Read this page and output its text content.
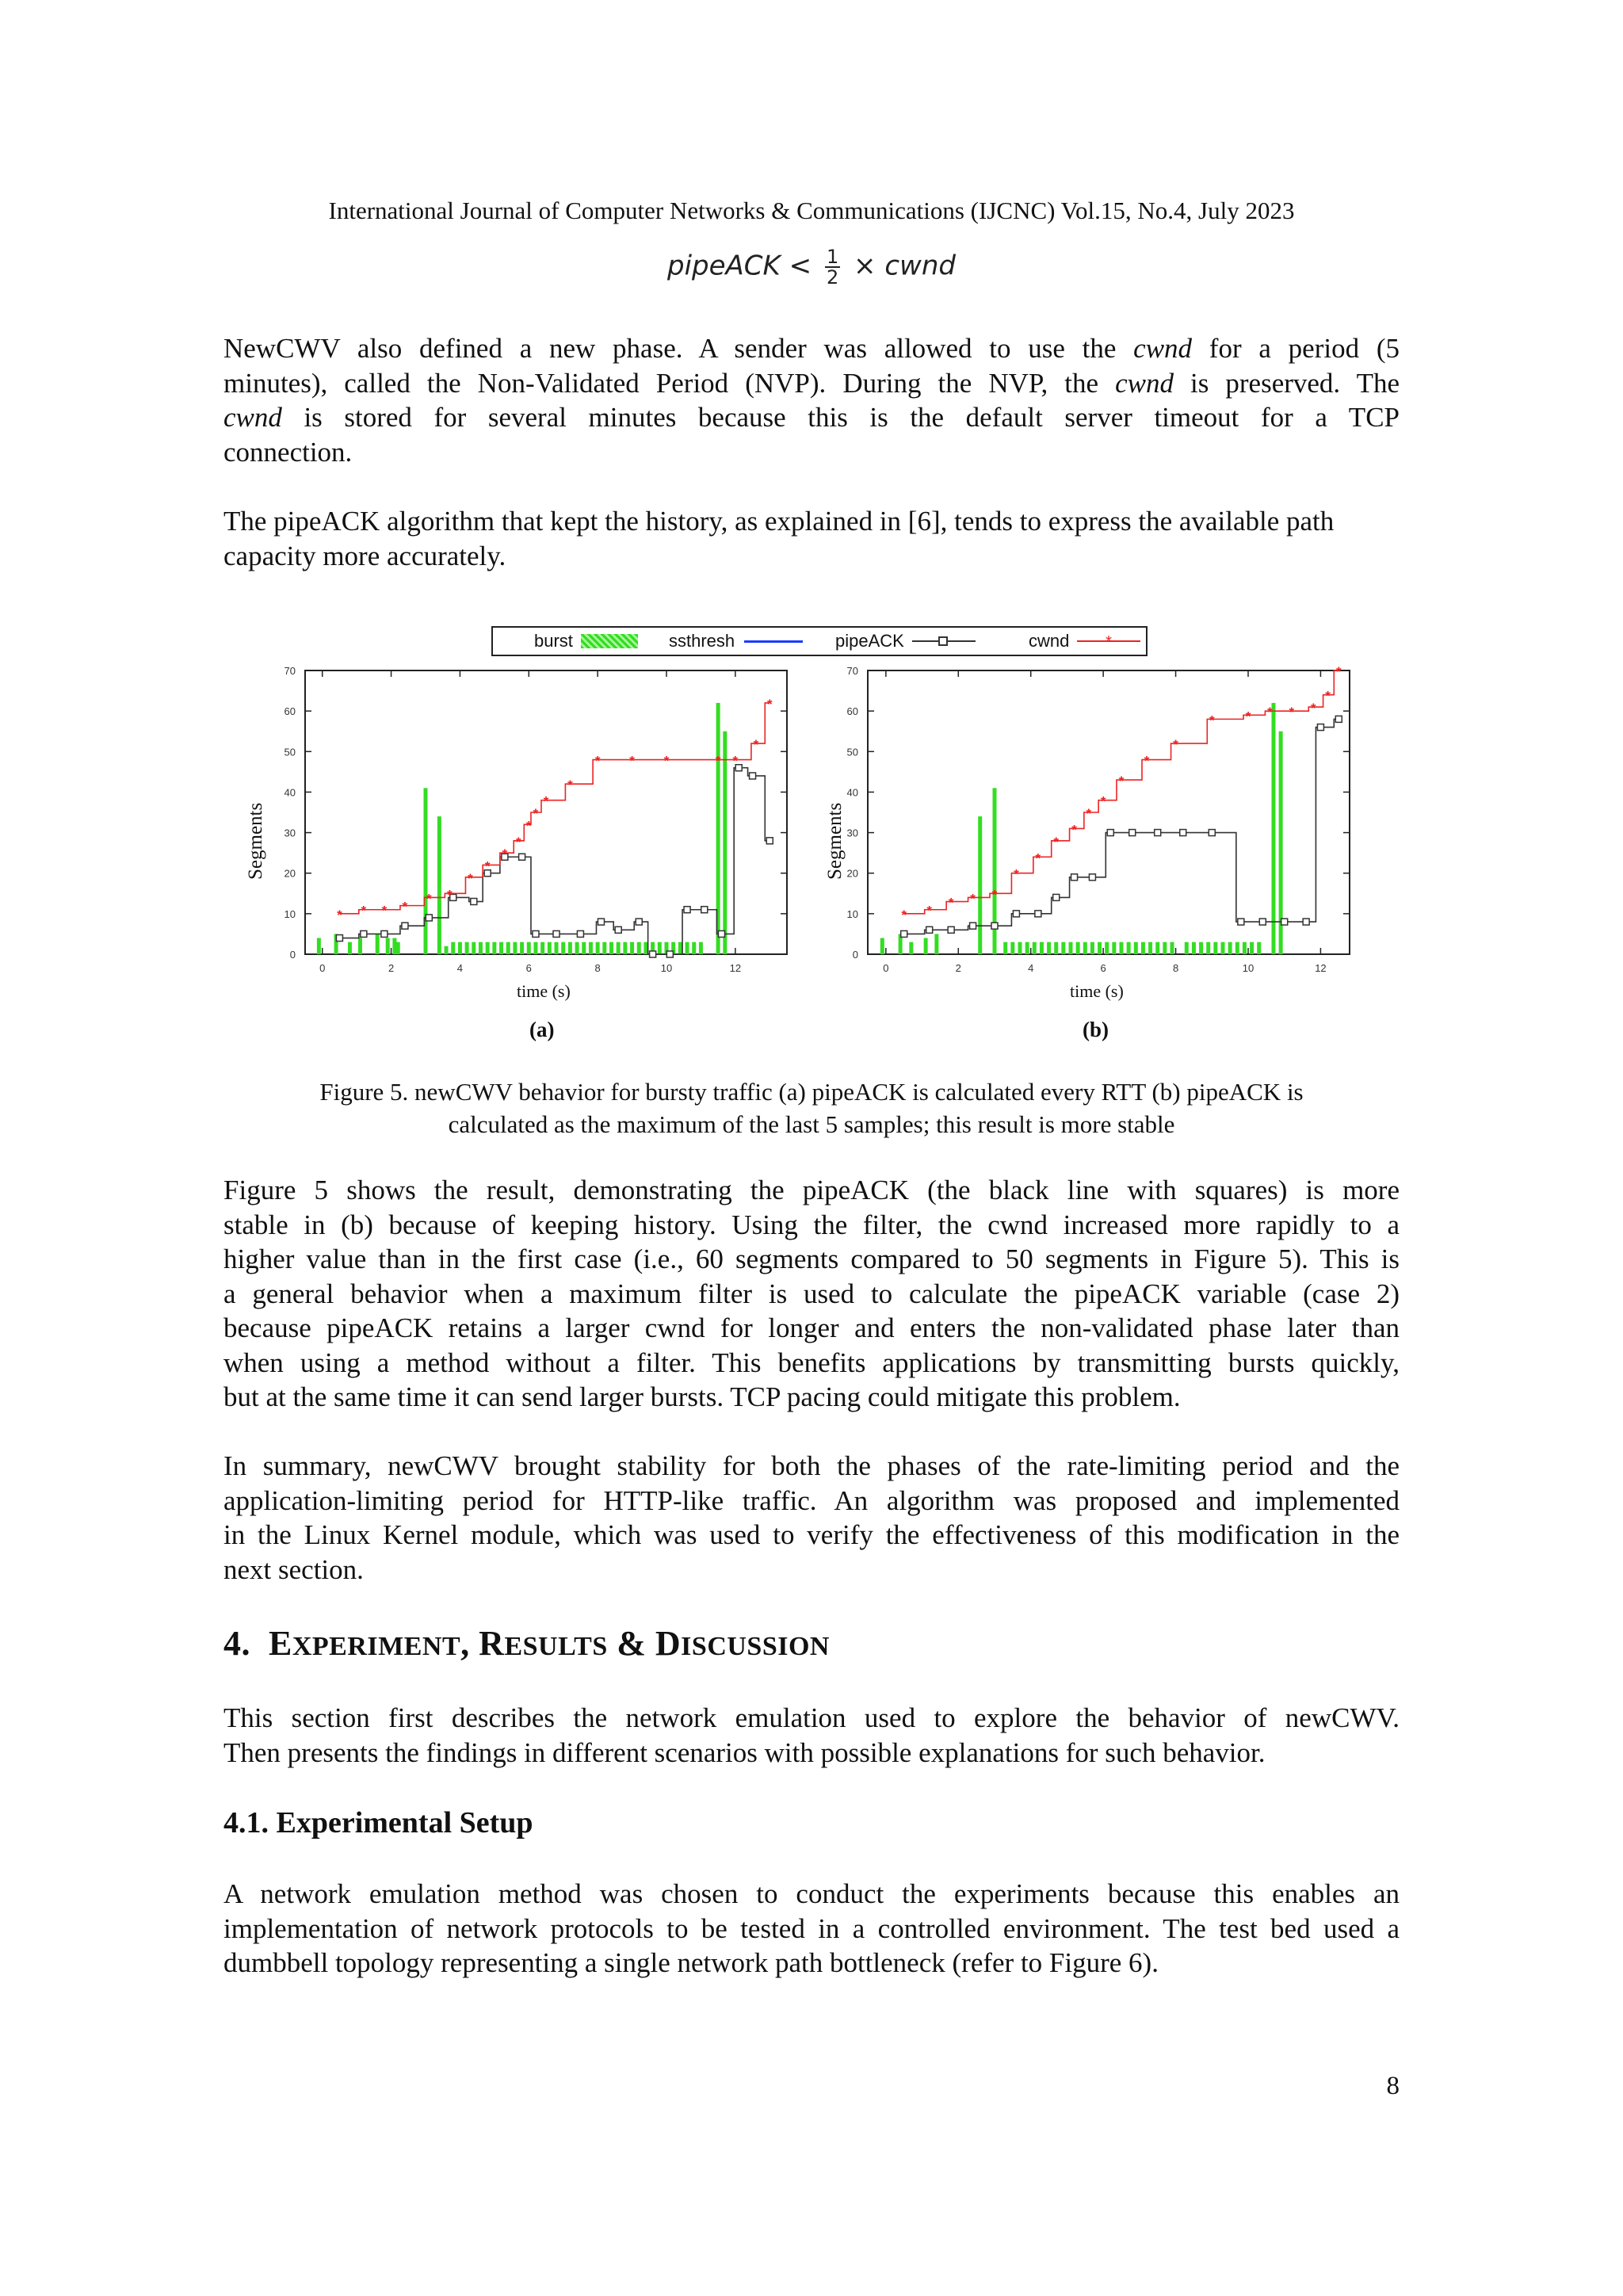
International Journal of Computer Networks & Communications (IJCNC) Vol.15, No.4, July 2023
pipeACK < $\frac{1}{2}$ × cwnd
NewCWV also defined a new phase. A sender was allowed to use the cwnd for a period (5
minutes), called the Non-Validated Period (NVP). During the NVP, the cwnd is preserved. The
cwnd is stored for several minutes because this is the default server timeout for a TCP
connection.
The pipeACK algorithm that kept the history, as explained in [6], tends to express the available path capacity more accurately.
burst	ssthresh	pipeACK	cwnd *
0
10
20
30
40
50
60
70
0	2	4	6	8	10	12
* * * *
* *
*
*
*
*
*
*
*
*
* * *	* *
*
*
Segments
time (s)
(a)
0
10
20
30
40
50
60
70
0	2	4	6	8	10	12
* *
* * *
*
*
*
*
*
*
*
*
*
* * * * *
*
*
Segments
time (s)
(b)
Figure 5. newCWV behavior for bursty traffic (a) pipeACK is calculated every RTT (b) pipeACK is
calculated as the maximum of the last 5 samples; this result is more stable
Figure 5 shows the result, demonstrating the pipeACK (the black line with squares) is more
stable in (b) because of keeping history. Using the filter, the cwnd increased more rapidly to a
higher value than in the first case (i.e., 60 segments compared to 50 segments in Figure 5). This is
a general behavior when a maximum filter is used to calculate the pipeACK variable (case 2)
because pipeACK retains a larger cwnd for longer and enters the non-validated phase later than
when using a method without a filter. This benefits applications by transmitting bursts quickly,
but at the same time it can send larger bursts. TCP pacing could mitigate this problem.
In summary, newCWV brought stability for both the phases of the rate-limiting period and the
application-limiting period for HTTP-like traffic. An algorithm was proposed and implemented
in the Linux Kernel module, which was used to verify the effectiveness of this modification in the
next section.
4. EXPERIMENT, RESULTS & DISCUSSION
This section first describes the network emulation used to explore the behavior of newCWV.
Then presents the findings in different scenarios with possible explanations for such behavior.
4.1. Experimental Setup
A network emulation method was chosen to conduct the experiments because this enables an
implementation of network protocols to be tested in a controlled environment. The test bed used a
dumbbell topology representing a single network path bottleneck (refer to Figure 6).
8
